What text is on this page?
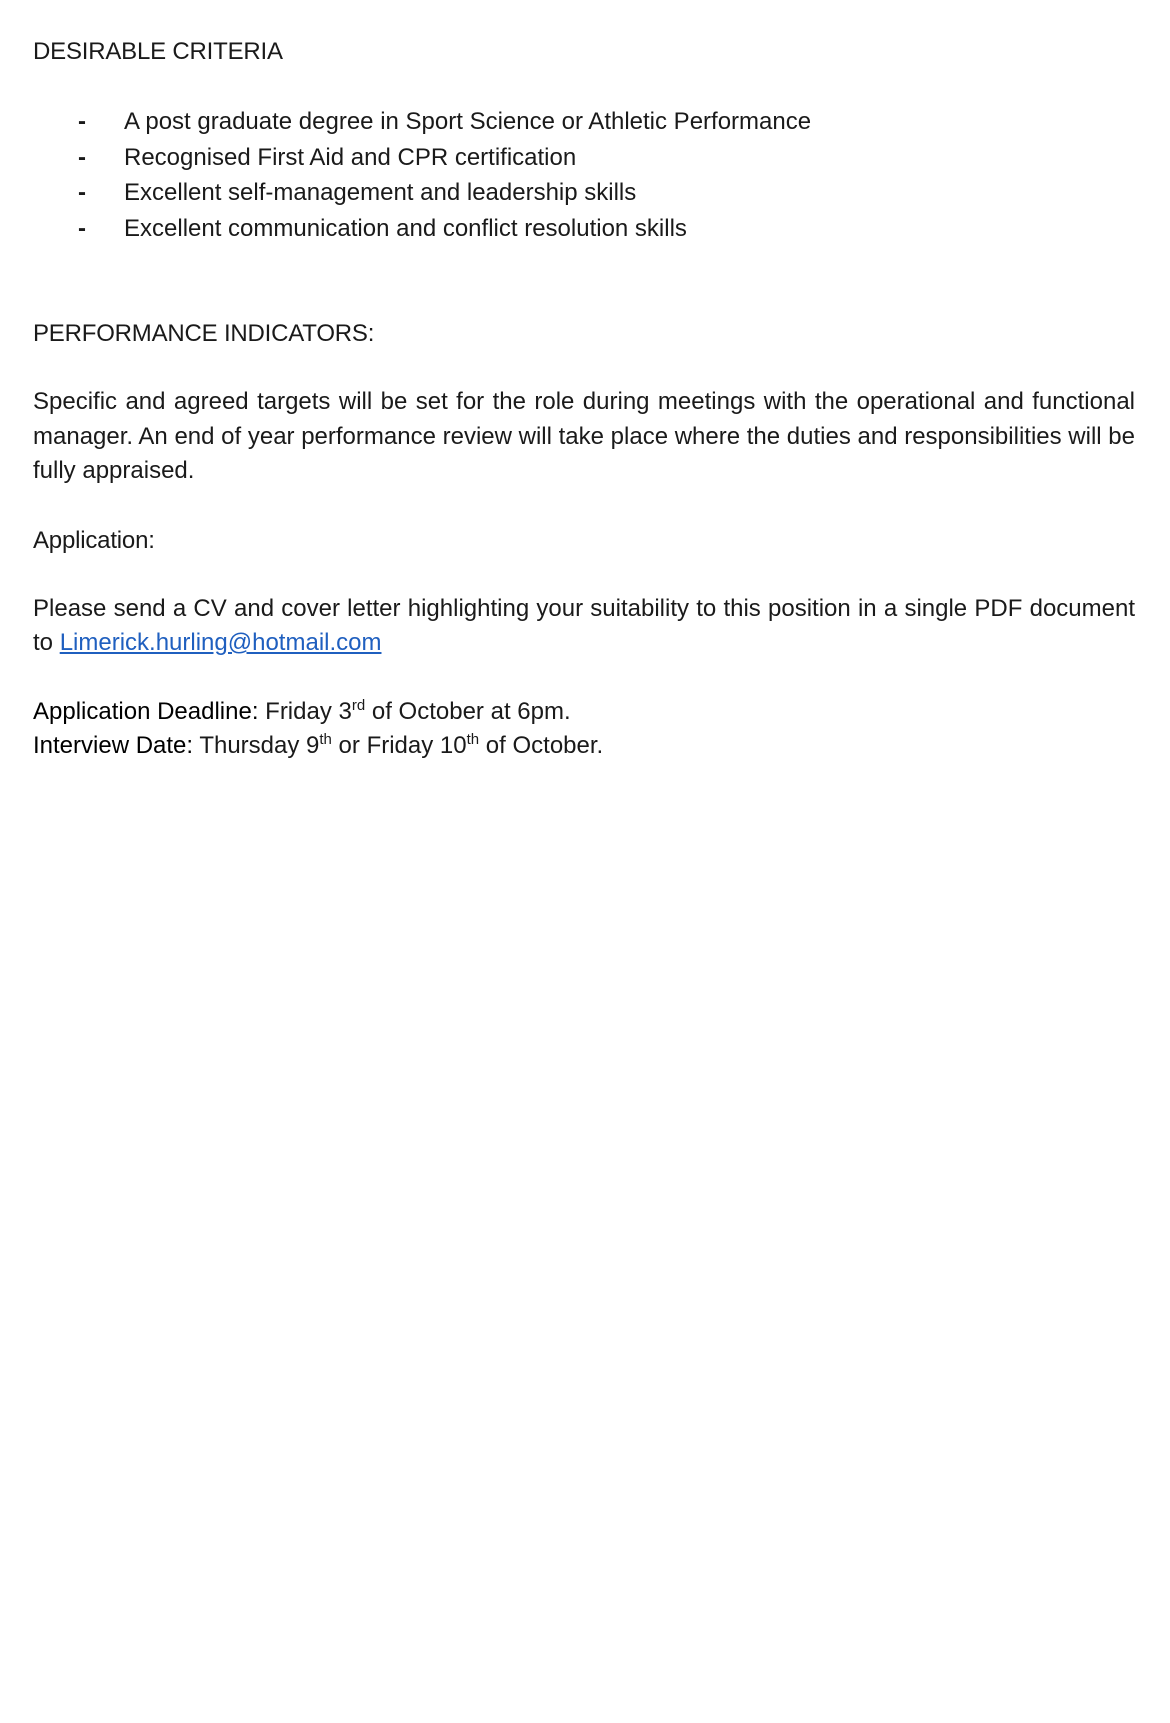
DESIRABLE CRITERIA
- A post graduate degree in Sport Science or Athletic Performance
- Recognised First Aid and CPR certification
- Excellent self-management and leadership skills
- Excellent communication and conflict resolution skills
PERFORMANCE INDICATORS:

Specific and agreed targets will be set for the role during meetings with the operational and functional manager. An end of year performance review will take place where the duties and responsibilities will be fully appraised.

Application:

Please send a CV and cover letter highlighting your suitability to this position in a single PDF document to Limerick.hurling@hotmail.com

Application Deadline: Friday 3rd of October at 6pm.

Interview Date: Thursday 9th or Friday 10th of October.
